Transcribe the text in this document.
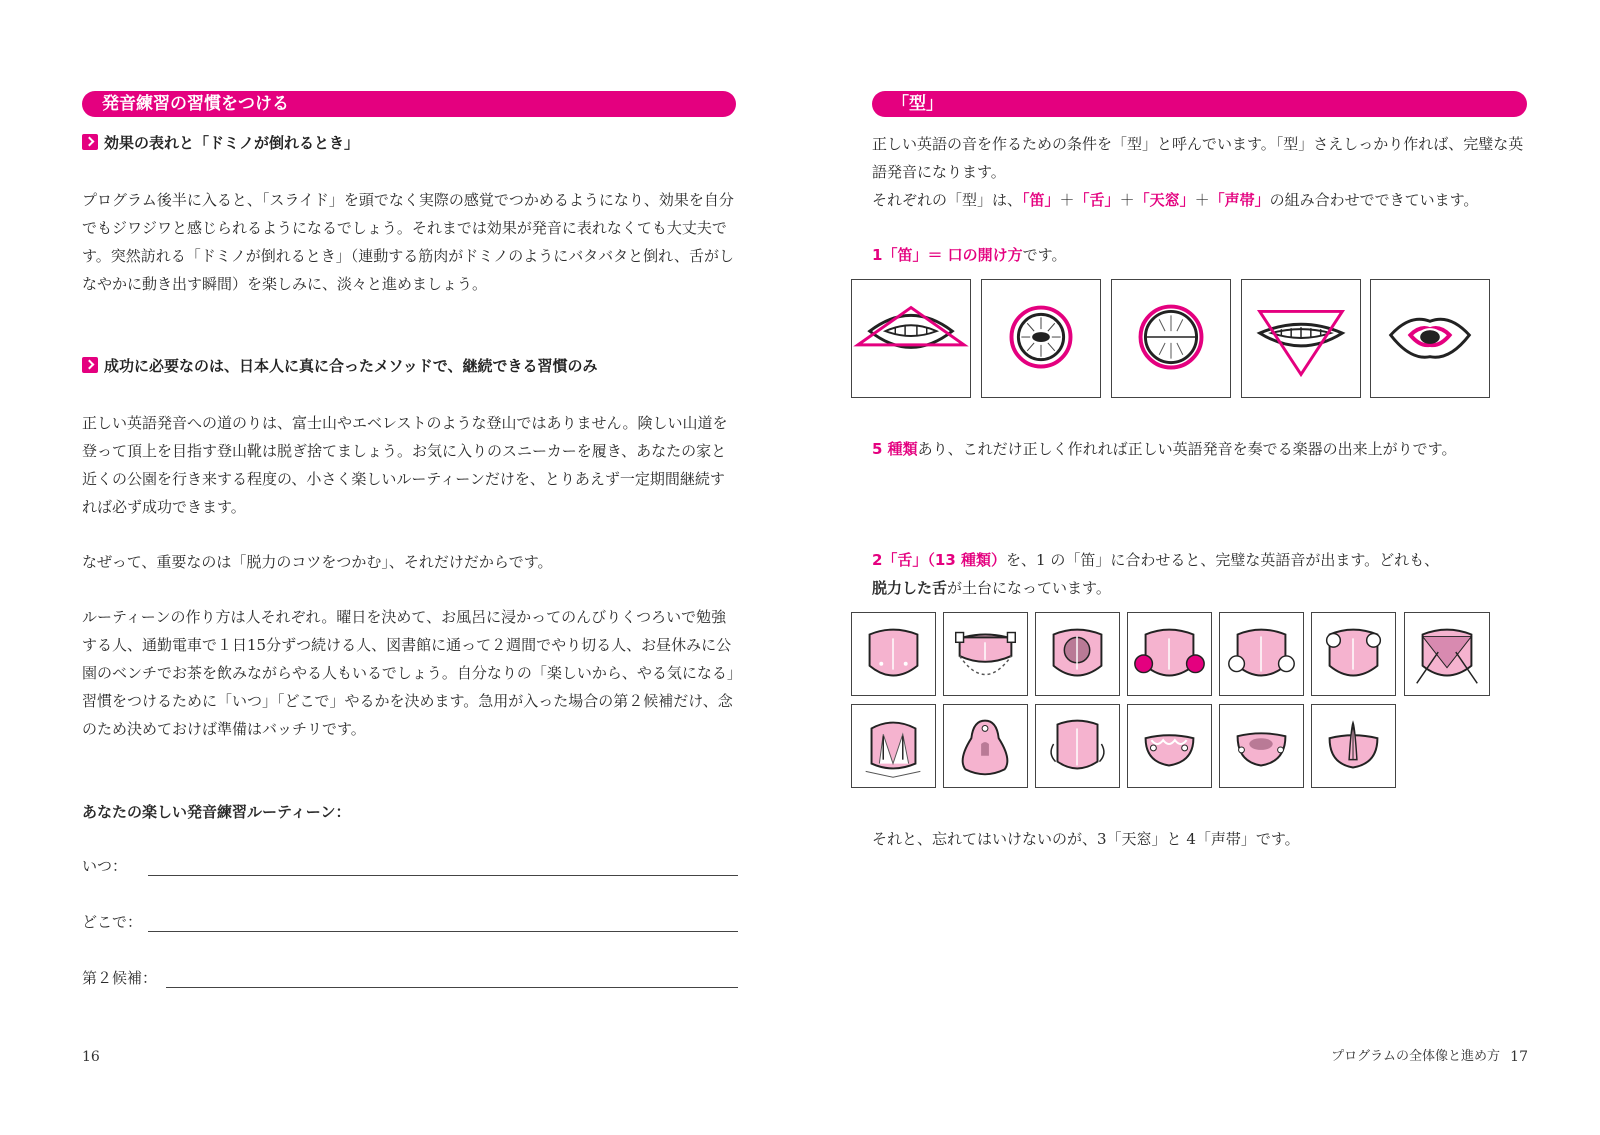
発音練習の習慣をつける
効果の表れと「ドミノが倒れるとき」

プログラム後半に入ると、「スライド」を頭でなく実際の感覚でつかめるようになり、効果を自分でもジワジワと感じられるようになるでしょう。それまでは効果が発音に表れなくても大丈夫です。突然訪れる「ドミノが倒れるとき」（連動する筋肉がドミノのようにバタバタと倒れ、舌がしなやかに動き出す瞬間）を楽しみに、淡々と進めましょう。

成功に必要なのは、日本人に真に合ったメソッドで、継続できる習慣のみ

正しい英語発音への道のりは、富士山やエベレストのような登山ではありません。険しい山道を登って頂上を目指す登山靴は脱ぎ捨てましょう。お気に入りのスニーカーを履き、あなたの家と近くの公園を行き来する程度の、小さく楽しいルーティーンだけを、とりあえず一定期間継続すれば必ず成功できます。

なぜって、重要なのは「脱力のコツをつかむ」、それだけだからです。

ルーティーンの作り方は人それぞれ。曜日を決めて、お風呂に浸かってのんびりくつろいで勉強する人、通勤電車で１日15分ずつ続ける人、図書館に通って２週間でやり切る人、お昼休みに公園のベンチでお茶を飲みながらやる人もいるでしょう。自分なりの「楽しいから、やる気になる」習慣をつけるために「いつ」「どこで」やるかを決めます。急用が入った場合の第２候補だけ、念のため決めておけば準備はバッチリです。

あなたの楽しい発音練習ルーティーン：
いつ：
どこで：
第２候補：
16
「型」

正しい英語の音を作るための条件を「型」と呼んでいます。「型」さえしっかり作れば、完璧な英語発音になります。
それぞれの「型」は、「笛」＋「舌」＋「天窓」＋「声帯」の組み合わせでできています。

1「笛」＝ 口の開け方です。

5 種類あり、これだけ正しく作れれば正しい英語発音を奏でる楽器の出来上がりです。

2「舌」（13 種類）を、1 の「笛」に合わせると、完璧な英語音が出ます。どれも、
脱力した舌が土台になっています。

それと、忘れてはいけないのが、3「天窓」と 4「声帯」です。

プログラムの全体像と進め方 17
